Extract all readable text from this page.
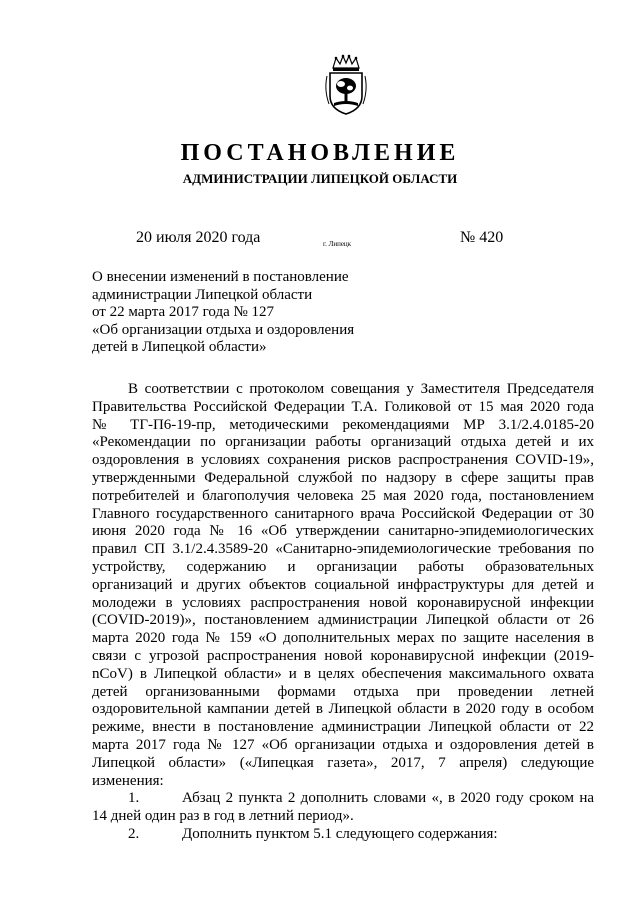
ПОСТАНОВЛЕНИЕ
АДМИНИСТРАЦИИ ЛИПЕЦКОЙ ОБЛАСТИ
20 июля 2020 года	г. Липецк	№ 420
О внесении изменений в постановление
администрации Липецкой области
от 22 марта 2017 года № 127
«Об организации отдыха и оздоровления
детей в Липецкой области»
В соответствии с протоколом совещания у Заместителя Председателя
Правительства Российской Федерации Т.А. Голиковой от 15 мая 2020 года
№ ТГ-П6-19-пр, методическими рекомендациями МР 3.1/2.4.0185-20
«Рекомендации по организации работы организаций отдыха детей и их
оздоровления в условиях сохранения рисков распространения COVID-19»,
утвержденными Федеральной службой по надзору в сфере защиты прав
потребителей и благополучия человека 25 мая 2020 года, постановлением
Главного государственного санитарного врача Российской Федерации от 30
июня 2020 года № 16 «Об утверждении санитарно-эпидемиологических
правил СП 3.1/2.4.3589-20 «Санитарно-эпидемиологические требования по
устройству, содержанию и организации работы образовательных
организаций и других объектов социальной инфраструктуры для детей и
молодежи в условиях распространения новой коронавирусной инфекции
(COVID-2019)», постановлением администрации Липецкой области от 26
марта 2020 года № 159 «О дополнительных мерах по защите населения в
связи с угрозой распространения новой коронавирусной инфекции (2019-
nCoV) в Липецкой области» и в целях обеспечения максимального охвата
детей организованными формами отдыха при проведении летней
оздоровительной кампании детей в Липецкой области в 2020 году в особом
режиме, внести в постановление администрации Липецкой области от 22
марта 2017 года № 127 «Об организации отдыха и оздоровления детей в
Липецкой области» («Липецкая газета», 2017, 7 апреля) следующие
изменения:
1.	Абзац 2 пункта 2 дополнить словами «, в 2020 году сроком на
14 дней один раз в год в летний период».
2.	Дополнить пунктом 5.1 следующего содержания:
